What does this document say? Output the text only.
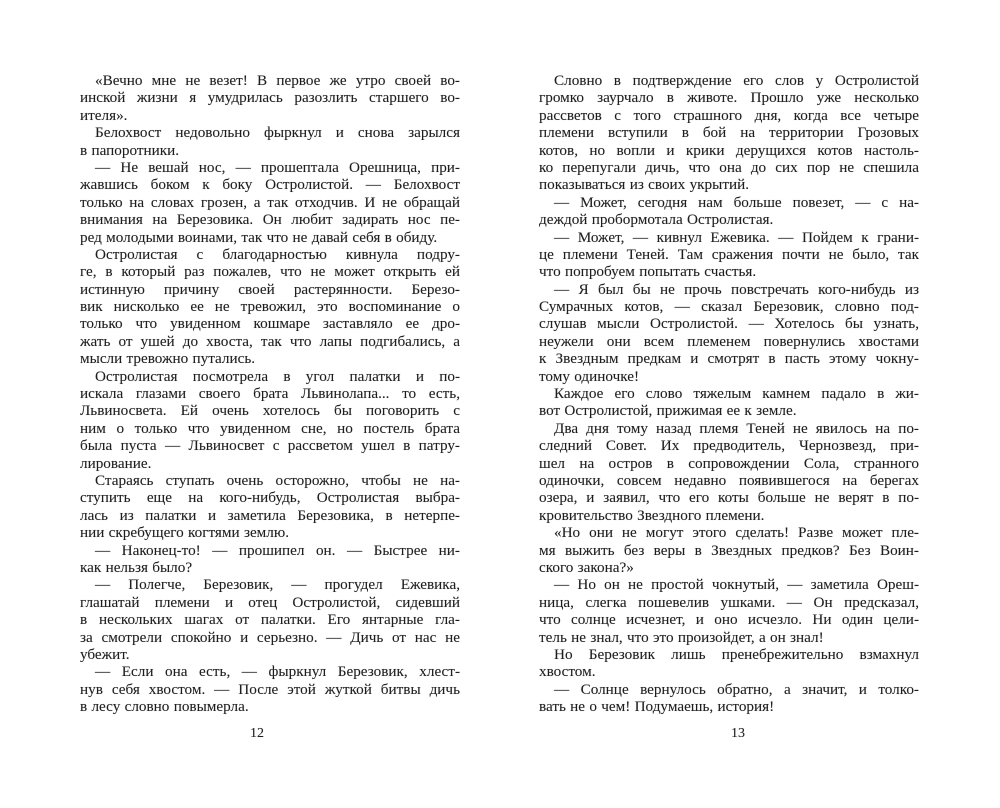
«Вечно мне не везет! В первое же утро своей во-
инской жизни я умудрилась разозлить старшего во-
ителя».

Белохвост недовольно фыркнул и снова зарылся
в папоротники.

— Не вешай нос, — прошептала Орешница, при-
жавшись боком к боку Остролистой. — Белохвост
только на словах грозен, а так отходчив. И не обращай
внимания на Березовика. Он любит задирать нос пе-
ред молодыми воинами, так что не давай себя в обиду.

Остролистая с благодарностью кивнула подру-
ге, в который раз пожалев, что не может открыть ей
истинную причину своей растерянности. Березо-
вик нисколько ее не тревожил, это воспоминание о
только что увиденном кошмаре заставляло ее дро-
жать от ушей до хвоста, так что лапы подгибались, а
мысли тревожно путались.

Остролистая посмотрела в угол палатки и по-
искала глазами своего брата Львинолапа... то есть,
Львиносвета. Ей очень хотелось бы поговорить с
ним о только что увиденном сне, но постель брата
была пуста — Львиносвет с рассветом ушел в патру-
лирование.

Стараясь ступать очень осторожно, чтобы не на-
ступить еще на кого-нибудь, Остролистая выбра-
лась из палатки и заметила Березовика, в нетерпе-
нии скребущего когтями землю.

— Наконец-то! — прошипел он. — Быстрее ни-
как нельзя было?

— Полегче, Березовик, — прогудел Ежевика,
глашатай племени и отец Остролистой, сидевший
в нескольких шагах от палатки. Его янтарные гла-
за смотрели спокойно и серьезно. — Дичь от нас не
убежит.

— Если она есть, — фыркнул Березовик, хлест-
нув себя хвостом. — После этой жуткой битвы дичь
в лесу словно повымерла.

Словно в подтверждение его слов у Остролистой
громко заурчало в животе. Прошло уже несколько
рассветов с того страшного дня, когда все четыре
племени вступили в бой на территории Грозовых
котов, но вопли и крики дерущихся котов настоль-
ко перепугали дичь, что она до сих пор не спешила
показываться из своих укрытий.

— Может, сегодня нам больше повезет, — с на-
деждой пробормотала Остролистая.

— Может, — кивнул Ежевика. — Пойдем к грани-
це племени Теней. Там сражения почти не было, так
что попробуем попытать счастья.

— Я был бы не прочь повстречать кого-нибудь из
Сумрачных котов, — сказал Березовик, словно под-
слушав мысли Остролистой. — Хотелось бы узнать,
неужели они всем племенем повернулись хвостами
к Звездным предкам и смотрят в пасть этому чокну-
тому одиночке!

Каждое его слово тяжелым камнем падало в жи-
вот Остролистой, прижимая ее к земле.

Два дня тому назад племя Теней не явилось на по-
следний Совет. Их предводитель, Чернозвезд, при-
шел на остров в сопровождении Сола, странного
одиночки, совсем недавно появившегося на берегах
озера, и заявил, что его коты больше не верят в по-
кровительство Звездного племени.

«Но они не могут этого сделать! Разве может пле-
мя выжить без веры в Звездных предков? Без Воин-
ского закона?»

— Но он не простой чокнутый, — заметила Ореш-
ница, слегка пошевелив ушками. — Он предсказал,
что солнце исчезнет, и оно исчезло. Ни один цели-
тель не знал, что это произойдет, а он знал!

Но Березовик лишь пренебрежительно взмахнул
хвостом.

— Солнце вернулось обратно, а значит, и толко-
вать не о чем! Подумаешь, история!

12	13
